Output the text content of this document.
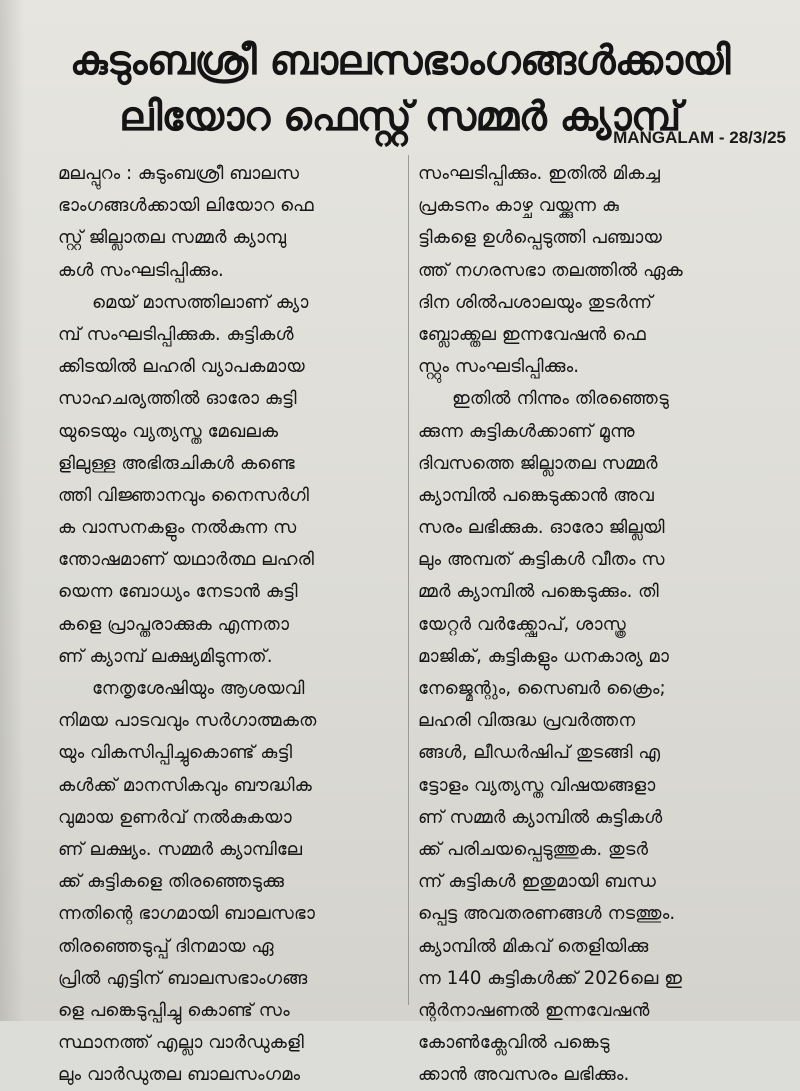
കുടുംബശ്രീ ബാലസഭാംഗങ്ങൾക്കായി
ലിയോറ ഫെസ്റ്റ് സമ്മർ ക്യാമ്പ്
MANGALAM - 28/3/25
മലപ്പുറം : കുടുംബശ്രീ ബാലസ
ഭാംഗങ്ങൾക്കായി ലിയോറ ഫെ
സ്റ്റ് ജില്ലാതല സമ്മർ ക്യാമ്പു
കൾ സംഘടിപ്പിക്കും.
മെയ് മാസത്തിലാണ് ക്യാ
മ്പ് സംഘടിപ്പിക്കുക. കുട്ടികൾ
ക്കിടയിൽ ലഹരി വ്യാപകമായ
സാഹചര്യത്തിൽ ഓരോ കുട്ടി
യുടെയും വ്യത്യസ്ത മേഖലക
ളിലുള്ള അഭിരുചികൾ കണ്ടെ
ത്തി വിജ്ഞാനവും നൈസർഗി
ക വാസനകളും നൽകുന്ന സ
ന്തോഷമാണ് യഥാർത്ഥ ലഹരി
യെന്ന ബോധ്യം നേടാൻ കുട്ടി
കളെ പ്രാപ്തരാക്കുക എന്നതാ
ണ് ക്യാമ്പ് ലക്ഷ്യമിടുന്നത്.
നേതൃശേഷിയും ആശയവി
നിമയ പാടവവും സർഗാത്മകത
യും വികസിപ്പിച്ചുകൊണ്ട് കുട്ടി
കൾക്ക് മാനസികവും ബൗദ്ധിക
വുമായ ഉണർവ് നൽകുകയാ
ണ് ലക്ഷ്യം. സമ്മർ ക്യാമ്പിലേ
ക്ക് കുട്ടികളെ തിരഞ്ഞെടുക്കു
ന്നതിന്റെ ഭാഗമായി ബാലസഭാ
തിരഞ്ഞെടുപ്പ് ദിനമായ ഏ
പ്രിൽ എട്ടിന് ബാലസഭാംഗങ്ങ
ളെ പങ്കെടുപ്പിച്ചു കൊണ്ട് സം
സ്ഥാനത്ത് എല്ലാ വാർഡുകളി
ലും വാർഡുതല ബാലസംഗമം
സംഘടിപ്പിക്കും. ഇതിൽ മികച്ച
പ്രകടനം കാഴ്ച വയ്ക്കുന്ന കു
ട്ടികളെ ഉൾപ്പെടുത്തി പഞ്ചായ
ത്ത് നഗരസഭാ തലത്തിൽ ഏക
ദിന ശിൽപശാലയും തുടർന്ന്
ബ്ലോക്ക്തല ഇന്നവേഷൻ ഫെ
സ്റ്റും സംഘടിപ്പിക്കും.
ഇതിൽ നിന്നും തിരഞ്ഞെടു
ക്കുന്ന കുട്ടികൾക്കാണ് മൂന്നു
ദിവസത്തെ ജില്ലാതല സമ്മർ
ക്യാമ്പിൽ പങ്കെടുക്കാൻ അവ
സരം ലഭിക്കുക. ഓരോ ജില്ലയി
ലും അമ്പത് കുട്ടികൾ വീതം സ
മ്മർ ക്യാമ്പിൽ പങ്കെടുക്കും. തി
യേറ്റർ വർക്ക്ഷോപ്, ശാസ്ത്ര
മാജിക്, കുട്ടികളും ധനകാര്യ മാ
നേജ്മെന്റും, സൈബർ ക്രൈം;
ലഹരി വിരുദ്ധ പ്രവർത്തന
ങ്ങൾ, ലീഡർഷിപ് തുടങ്ങി എ
ട്ടോളം വ്യത്യസ്ത വിഷയങ്ങളാ
ണ് സമ്മർ ക്യാമ്പിൽ കുട്ടികൾ
ക്ക് പരിചയപ്പെടുത്തുക. തുടർ
ന്ന് കുട്ടികൾ ഇതുമായി ബന്ധ
പ്പെട്ട അവതരണങ്ങൾ നടത്തും.
ക്യാമ്പിൽ മികവ് തെളിയിക്കു
ന്ന 140 കുട്ടികൾക്ക് 2026ലെ ഇ
ന്റർനാഷണൽ ഇന്നവേഷൻ
കോൺക്ലേവിൽ പങ്കെടു
ക്കാൻ അവസരം ലഭിക്കും.
